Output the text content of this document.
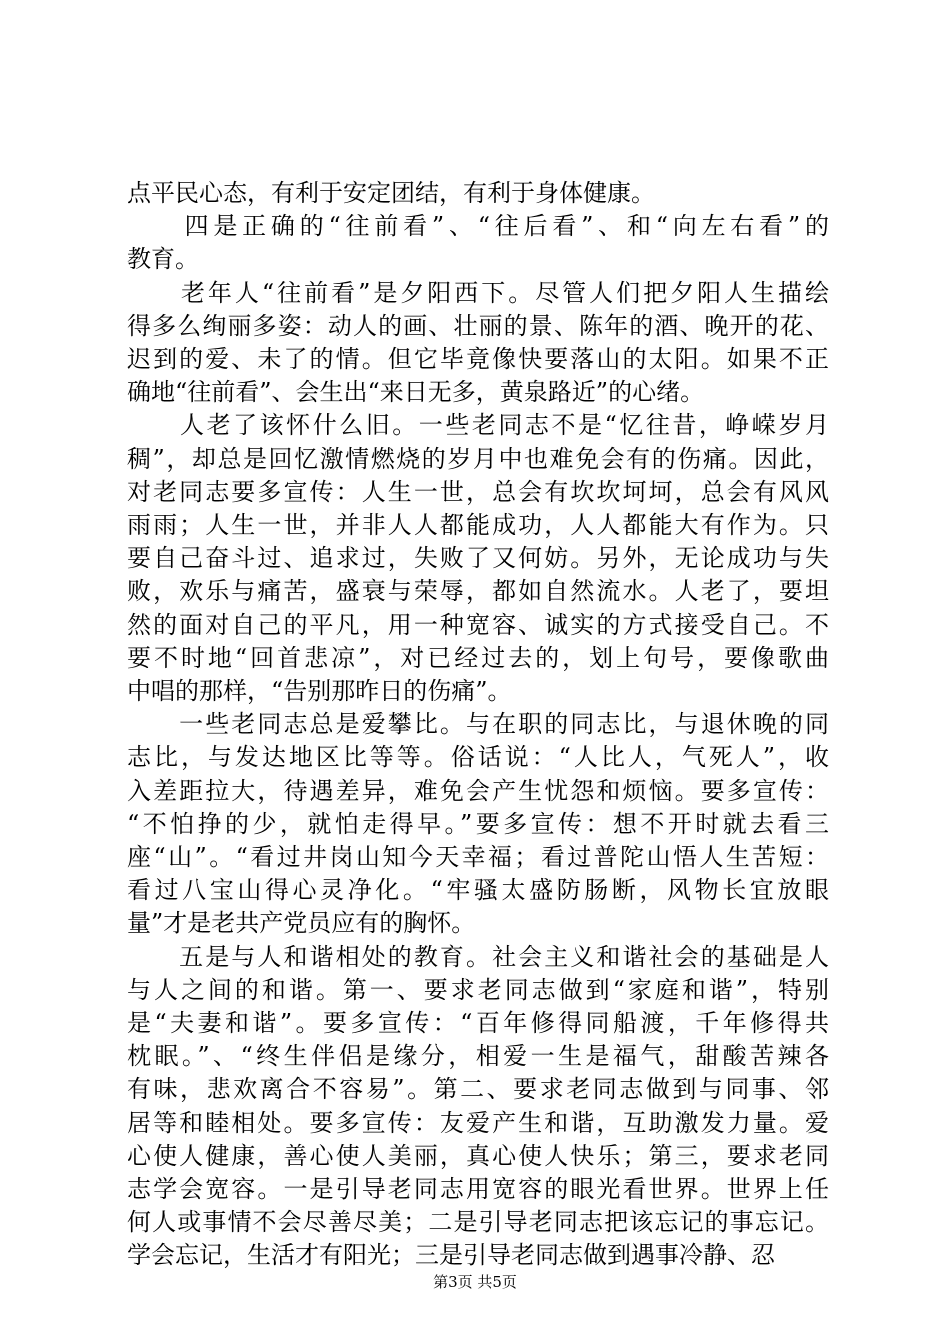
点平民心态，有利于安定团结，有利于身体健康。
　　四是正确的“往前看”、“往后看”、和“向左右看”的
教育。
　　老年人“往前看”是夕阳西下。尽管人们把夕阳人生描绘
得多么绚丽多姿：动人的画、壮丽的景、陈年的酒、晚开的花、
迟到的爱、未了的情。但它毕竟像快要落山的太阳。如果不正
确地“往前看”、会生出“来日无多，黄泉路近”的心绪。
　　人老了该怀什么旧。一些老同志不是“忆往昔，峥嵘岁月
稠”，却总是回忆激情燃烧的岁月中也难免会有的伤痛。因此，
对老同志要多宣传：人生一世，总会有坎坎坷坷，总会有风风
雨雨；人生一世，并非人人都能成功，人人都能大有作为。只
要自己奋斗过、追求过，失败了又何妨。另外，无论成功与失
败，欢乐与痛苦，盛衰与荣辱，都如自然流水。人老了，要坦
然的面对自己的平凡，用一种宽容、诚实的方式接受自己。不
要不时地“回首悲凉”，对已经过去的，划上句号，要像歌曲
中唱的那样，“告别那昨日的伤痛”。
　　一些老同志总是爱攀比。与在职的同志比，与退休晚的同
志比，与发达地区比等等。俗话说：“人比人，气死人”，收
入差距拉大，待遇差异，难免会产生忧怨和烦恼。要多宣传：
“不怕挣的少，就怕走得早。”要多宣传：想不开时就去看三
座“山”。“看过井岗山知今天幸福；看过普陀山悟人生苦短：
看过八宝山得心灵净化。“牢骚太盛防肠断，风物长宜放眼
量”才是老共产党员应有的胸怀。
　　五是与人和谐相处的教育。社会主义和谐社会的基础是人
与人之间的和谐。第一、要求老同志做到“家庭和谐”，特别
是“夫妻和谐”。要多宣传：“百年修得同船渡，千年修得共
枕眠。”、“终生伴侣是缘分，相爱一生是福气，甜酸苦辣各
有味，悲欢离合不容易”。第二、要求老同志做到与同事、邻
居等和睦相处。要多宣传：友爱产生和谐，互助激发力量。爱
心使人健康，善心使人美丽，真心使人快乐；第三，要求老同
志学会宽容。一是引导老同志用宽容的眼光看世界。世界上任
何人或事情不会尽善尽美；二是引导老同志把该忘记的事忘记。
学会忘记，生活才有阳光；三是引导老同志做到遇事冷静、忍
第3页 共5页
